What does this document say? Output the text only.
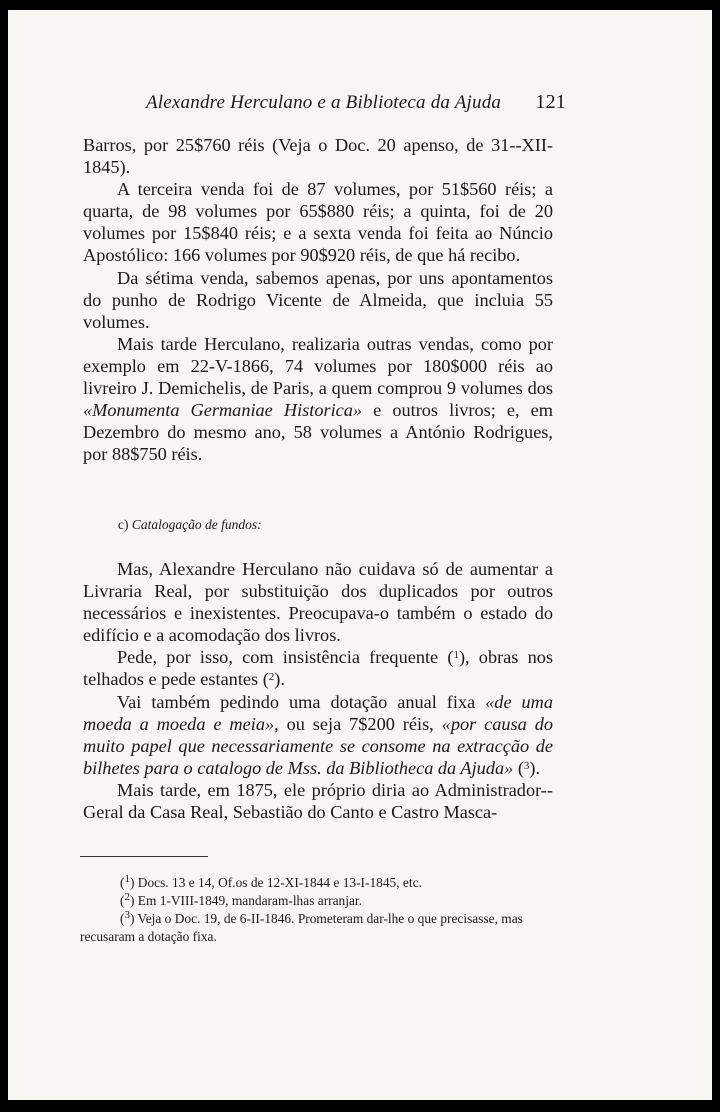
Alexandre Herculano e a Biblioteca da Ajuda 121

Barros, por 25$760 réis (Veja o Doc. 20 apenso, de 31--XII-1845).

A terceira venda foi de 87 volumes, por 51$560 réis; a quarta, de 98 volumes por 65$880 réis; a quinta, foi de 20 volumes por 15$840 réis; e a sexta venda foi feita ao Núncio Apostólico: 166 volumes por 90$920 réis, de que há recibo.

Da sétima venda, sabemos apenas, por uns apontamentos do punho de Rodrigo Vicente de Almeida, que incluia 55 volumes.

Mais tarde Herculano, realizaria outras vendas, como por exemplo em 22-V-1866, 74 volumes por 180$000 réis ao livreiro J. Demichelis, de Paris, a quem comprou 9 volumes dos «Monumenta Germaniae Historica» e outros livros; e, em Dezembro do mesmo ano, 58 volumes a António Rodrigues, por 88$750 réis.

c) Catalogação de fundos:

Mas, Alexandre Herculano não cuidava só de aumentar a Livraria Real, por substituição dos duplicados por outros necessários e inexistentes. Preocupava-o também o estado do edifício e a acomodação dos livros.

Pede, por isso, com insistência frequente ($^1$), obras nos telhados e pede estantes ($^2$).

Vai também pedindo uma dotação anual fixa «de uma moeda a moeda e meia», ou seja 7$200 réis, «por causa do muito papel que necessariamente se consome na extracção de bilhetes para o catalogo de Mss. da Bibliotheca da Ajuda» ($^3$).

Mais tarde, em 1875, ele próprio diria ao Administrador--Geral da Casa Real, Sebastião do Canto e Castro Masca-

($^1$) Docs. 13 e 14, Of.os de 12-XI-1844 e 13-I-1845, etc.

($^2$) Em 1-VIII-1849, mandaram-lhas arranjar.

($^3$) Veja o Doc. 19, de 6-II-1846. Prometeram dar-lhe o que precisasse, mas recusaram a dotação fixa.
